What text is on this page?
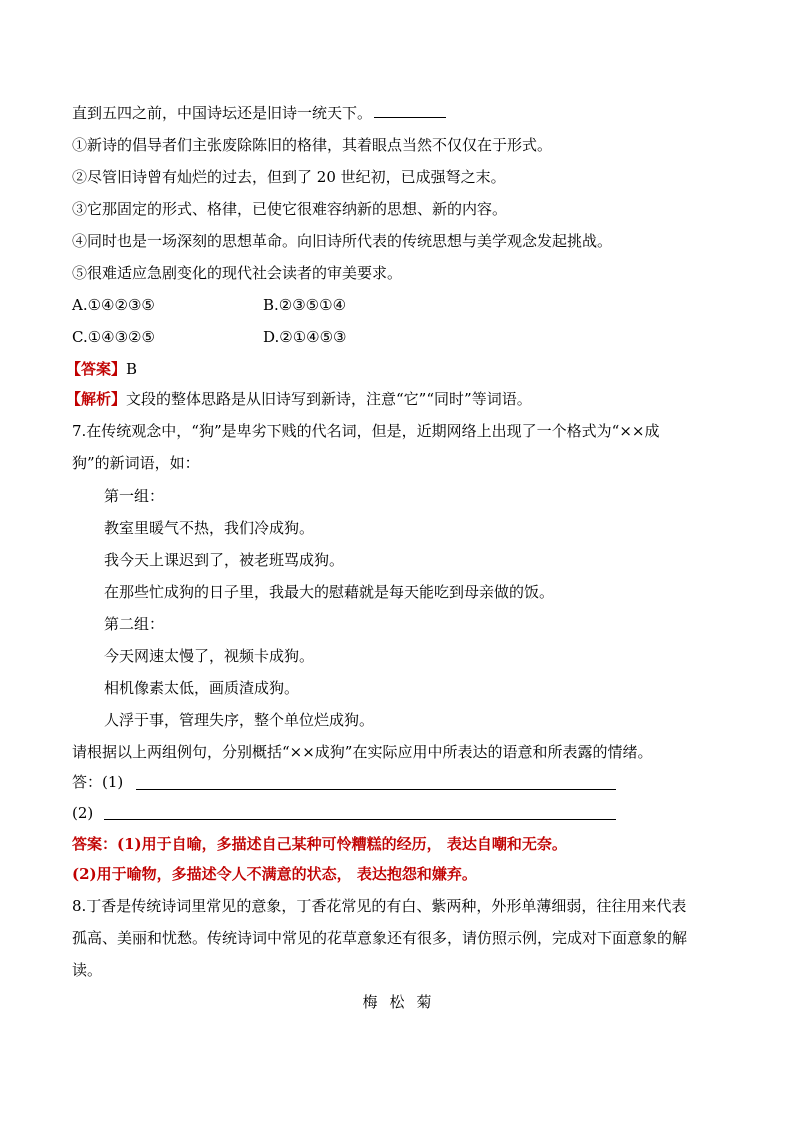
直到五四之前，中国诗坛还是旧诗一统天下。
①新诗的倡导者们主张废除陈旧的格律，其着眼点当然不仅仅在于形式。
②尽管旧诗曾有灿烂的过去，但到了 20 世纪初，已成强弩之末。
③它那固定的形式、格律，已使它很难容纳新的思想、新的内容。
④同时也是一场深刻的思想革命。向旧诗所代表的传统思想与美学观念发起挑战。
⑤很难适应急剧变化的现代社会读者的审美要求。
A.①④②③⑤	B.②③⑤①④
C.①④③②⑤	D.②①④⑤③
【答案】B
【解析】文段的整体思路是从旧诗写到新诗，注意“它”“同时”等词语。
7.在传统观念中，“狗”是卑劣下贱的代名词，但是，近期网络上出现了一个格式为“××成
狗”的新词语，如：
第一组：
教室里暖气不热，我们冷成狗。
我今天上课迟到了，被老班骂成狗。
在那些忙成狗的日子里，我最大的慰藉就是每天能吃到母亲做的饭。
第二组：
今天网速太慢了，视频卡成狗。
相机像素太低，画质渣成狗。
人浮于事，管理失序，整个单位烂成狗。
请根据以上两组例句，分别概括“××成狗”在实际应用中所表达的语意和所表露的情绪。
答：(1)
(2)
答案：(1)用于自喻，多描述自己某种可怜糟糕的经历， 表达自嘲和无奈。
(2)用于喻物，多描述令人不满意的状态， 表达抱怨和嫌弃。
8.丁香是传统诗词里常见的意象，丁香花常见的有白、紫两种，外形单薄细弱，往往用来代表
孤高、美丽和忧愁。传统诗词中常见的花草意象还有很多，请仿照示例，完成对下面意象的解
读。
梅 松 菊
